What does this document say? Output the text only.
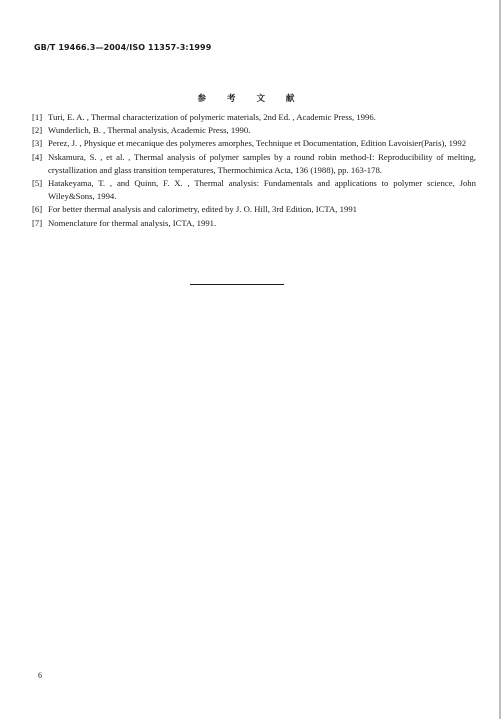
GB/T 19466.3—2004/ISO 11357-3:1999
参 考 文 献
[1] Turi, E. A. , Thermal characterization of polymeric materials, 2nd Ed. , Academic Press, 1996.
[2] Wunderlich, B. , Thermal analysis, Academic Press, 1990.
[3] Perez, J. , Physique et mecanique des polymeres amorphes, Technique et Documentation, Edition Lavoisier(Paris), 1992
[4] Nskamura, S. , et al. , Thermal analysis of polymer samples by a round robin method-I: Reproducibility of melting, crystallization and glass transition temperatures, Thermochimica Acta, 136 (1988), pp. 163-178.
[5] Hatakeyama, T. , and Quinn, F. X. , Thermal analysis: Fundamentals and applications to polymer science, John Wiley&Sons, 1994.
[6] For better thermal analysis and calorimetry, edited by J. O. Hill, 3rd Edition, ICTA, 1991
[7] Nomenclature for thermal analysis, ICTA, 1991.
6
